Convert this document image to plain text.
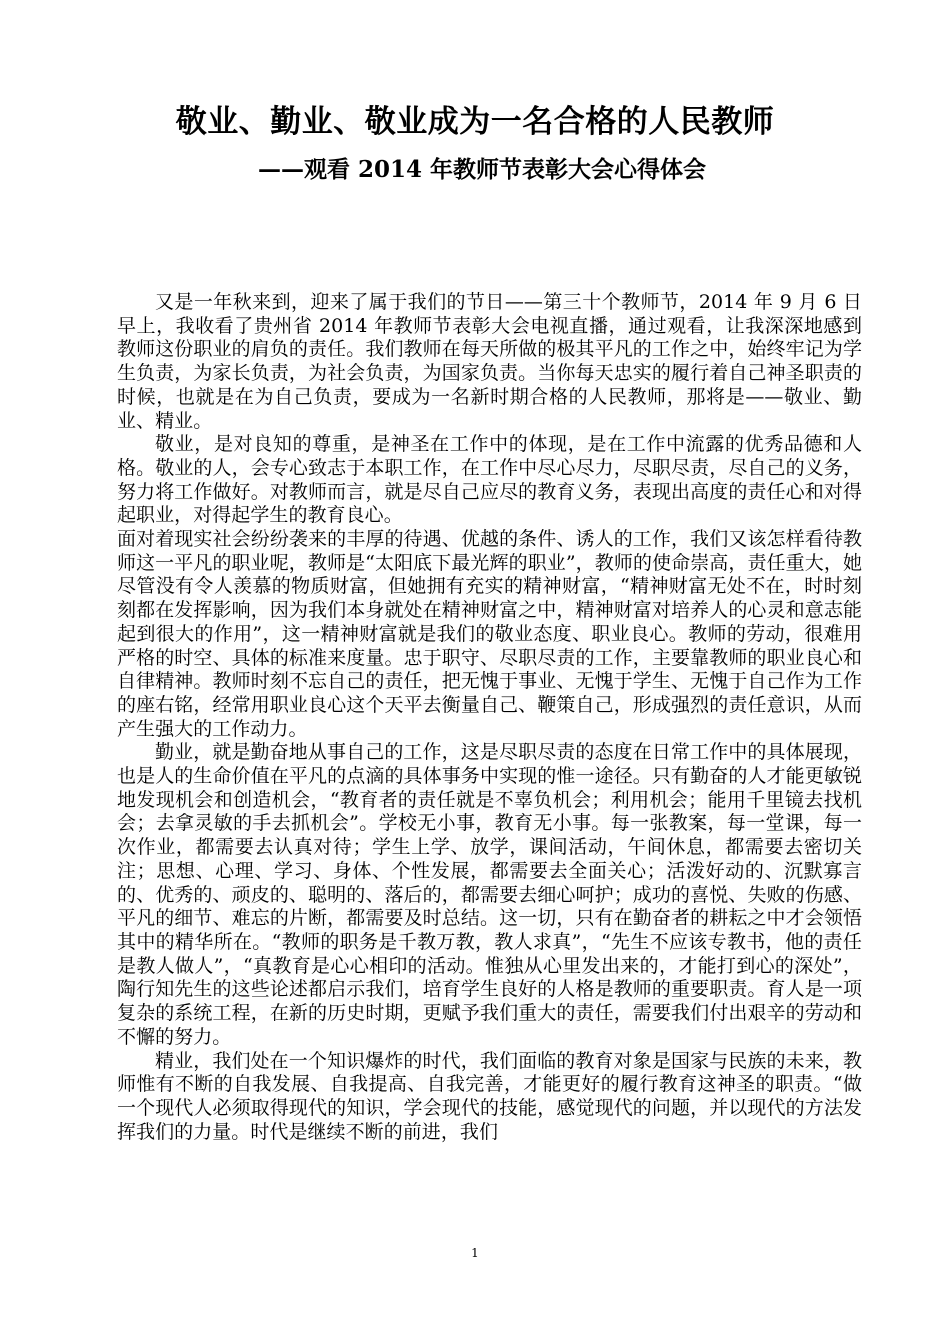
敬业、勤业、敬业成为一名合格的人民教师
——观看 2014 年教师节表彰大会心得体会

又是一年秋来到，迎来了属于我们的节日——第三十个教师节，2014 年 9 月 6 日早上，我收看了贵州省 2014 年教师节表彰大会电视直播，通过观看，让我深深地感到教师这份职业的肩负的责任。我们教师在每天所做的极其平凡的工作之中，始终牢记为学生负责，为家长负责，为社会负责，为国家负责。当你每天忠实的履行着自己神圣职责的时候，也就是在为自己负责，要成为一名新时期合格的人民教师，那将是——敬业、勤业、精业。

敬业，是对良知的尊重，是神圣在工作中的体现，是在工作中流露的优秀品德和人格。敬业的人，会专心致志于本职工作，在工作中尽心尽力，尽职尽责，尽自己的义务，努力将工作做好。对教师而言，就是尽自己应尽的教育义务，表现出高度的责任心和对得起职业，对得起学生的教育良心。

面对着现实社会纷纷袭来的丰厚的待遇、优越的条件、诱人的工作，我们又该怎样看待教师这一平凡的职业呢，教师是“太阳底下最光辉的职业”，教师的使命崇高，责任重大，她尽管没有令人羡慕的物质财富，但她拥有充实的精神财富，“精神财富无处不在，时时刻刻都在发挥影响，因为我们本身就处在精神财富之中，精神财富对培养人的心灵和意志能起到很大的作用”，这一精神财富就是我们的敬业态度、职业良心。教师的劳动，很难用严格的时空、具体的标准来度量。忠于职守、尽职尽责的工作，主要靠教师的职业良心和自律精神。教师时刻不忘自己的责任，把无愧于事业、无愧于学生、无愧于自己作为工作的座右铭，经常用职业良心这个天平去衡量自己、鞭策自己，形成强烈的责任意识，从而产生强大的工作动力。

勤业，就是勤奋地从事自己的工作，这是尽职尽责的态度在日常工作中的具体展现，也是人的生命价值在平凡的点滴的具体事务中实现的惟一途径。只有勤奋的人才能更敏锐地发现机会和创造机会，“教育者的责任就是不辜负机会；利用机会；能用千里镜去找机会；去拿灵敏的手去抓机会”。学校无小事，教育无小事。每一张教案，每一堂课，每一次作业，都需要去认真对待；学生上学、放学，课间活动，午间休息，都需要去密切关注；思想、心理、学习、身体、个性发展，都需要去全面关心；活泼好动的、沉默寡言的、优秀的、顽皮的、聪明的、落后的，都需要去细心呵护；成功的喜悦、失败的伤感、平凡的细节、难忘的片断，都需要及时总结。这一切，只有在勤奋者的耕耘之中才会领悟其中的精华所在。“教师的职务是千教万教，教人求真”，“先生不应该专教书，他的责任是教人做人”，“真教育是心心相印的活动。惟独从心里发出来的，才能打到心的深处”，陶行知先生的这些论述都启示我们，培育学生良好的人格是教师的重要职责。育人是一项复杂的系统工程，在新的历史时期，更赋予我们重大的责任，需要我们付出艰辛的劳动和不懈的努力。

精业，我们处在一个知识爆炸的时代，我们面临的教育对象是国家与民族的未来，教师惟有不断的自我发展、自我提高、自我完善，才能更好的履行教育这神圣的职责。“做一个现代人必须取得现代的知识，学会现代的技能，感觉现代的问题，并以现代的方法发挥我们的力量。时代是继续不断的前进，我们

1
